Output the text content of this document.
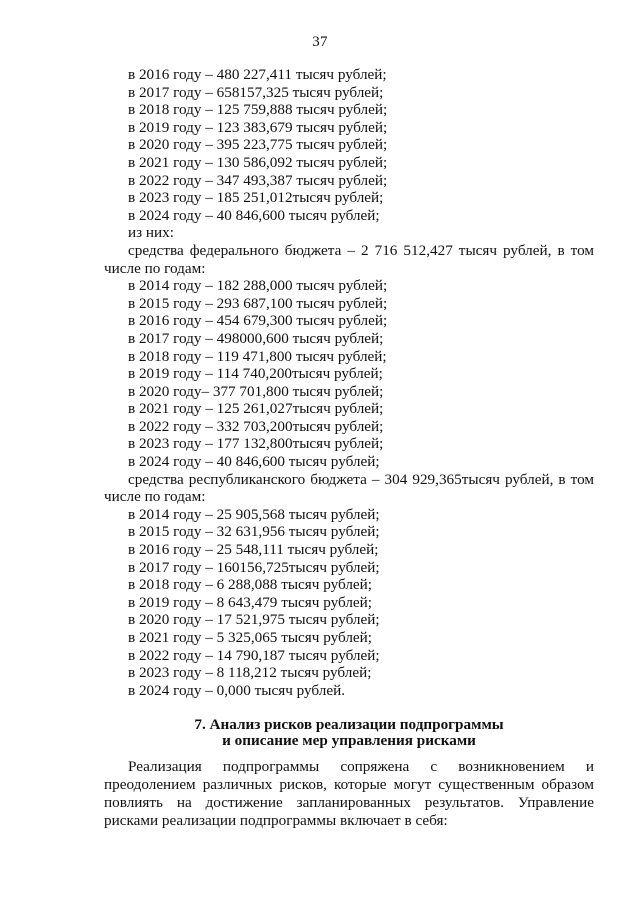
37
в 2016 году – 480 227,411 тысяч рублей;
в 2017 году – 658157,325 тысяч рублей;
в 2018 году – 125 759,888 тысяч рублей;
в 2019 году – 123 383,679 тысяч рублей;
в 2020 году – 395 223,775 тысяч рублей;
в 2021 году – 130 586,092 тысяч рублей;
в 2022 году – 347 493,387 тысяч рублей;
в 2023 году – 185 251,012тысяч рублей;
в 2024 году – 40 846,600 тысяч рублей;
из них:
средства федерального бюджета – 2 716 512,427 тысяч рублей, в том
числе по годам:
в 2014 году – 182 288,000 тысяч рублей;
в 2015 году – 293 687,100 тысяч рублей;
в 2016 году – 454 679,300 тысяч рублей;
в 2017 году – 498000,600 тысяч рублей;
в 2018 году – 119 471,800 тысяч рублей;
в 2019 году – 114 740,200тысяч рублей;
в 2020 году– 377 701,800 тысяч рублей;
в 2021 году – 125 261,027тысяч рублей;
в 2022 году – 332 703,200тысяч рублей;
в 2023 году – 177 132,800тысяч рублей;
в 2024 году – 40 846,600 тысяч рублей;
средства республиканского бюджета – 304 929,365тысяч рублей, в том
числе по годам:
в 2014 году – 25 905,568 тысяч рублей;
в 2015 году – 32 631,956 тысяч рублей;
в 2016 году – 25 548,111 тысяч рублей;
в 2017 году – 160156,725тысяч рублей;
в 2018 году – 6 288,088 тысяч рублей;
в 2019 году – 8 643,479 тысяч рублей;
в 2020 году – 17 521,975 тысяч рублей;
в 2021 году – 5 325,065 тысяч рублей;
в 2022 году – 14 790,187 тысяч рублей;
в 2023 году – 8 118,212 тысяч рублей;
в 2024 году – 0,000 тысяч рублей.
7. Анализ рисков реализации подпрограммы
и описание мер управления рисками
Реализация подпрограммы сопряжена с возникновением и преодолением различных рисков, которые могут существенным образом повлиять на достижение запланированных результатов. Управление рисками реализации подпрограммы включает в себя:
